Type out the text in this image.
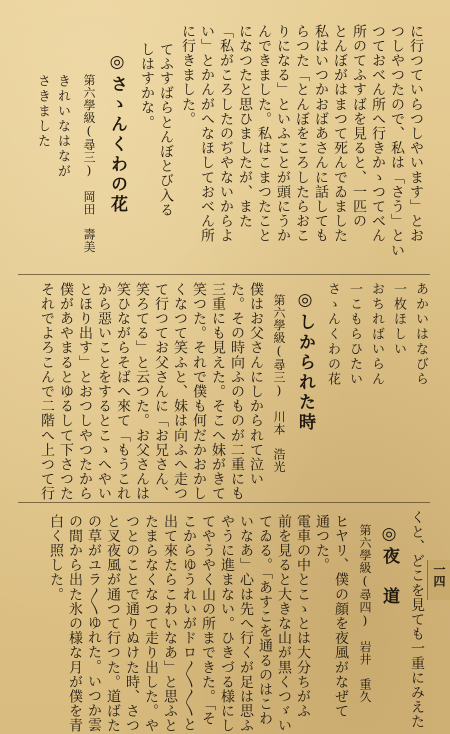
一四
に行つていらつしやいます」とお
つしやつたので、私は「さう」とい
つておべん所へ行きかゝつてべん
所のてふすばを見ると、一匹の
とんぼがはまつて死んでゐました
私はいつかおばあさんに話しても
らつた「とんぼをころしたらおこ
りになる」といふことが頭にうか
んできました。私はこまつたこと
になつたと思ひましたが、また
「私がころしたのぢやないからよ
い」とかんがへなほしておべん所
に行きました。
てふすばらとんぼとび入る
しはすかな。
◎さゝんくわの花
第六學級(尋三)　岡田　壽美
きれいなはなが
さきました
あかいはなびら
一枚ほしい
おちればいらん
一こもらひたい
さゝんくわの花
◎しかられた時
第六學級(尋三)　川本　浩光
僕はお父さんにしかられて泣い
た。その時向ふのものが二重にも
三重にも見えた。そこへ妹がきて
笑つた。それで僕も何だかおかし
くなつて笑ふと、妹は向ふへ走つ
て行つてお父さんに「お兄さん、
笑ろてる」と云つた。お父さんは
笑ひながらそばへ來て「もうこれ
から惡いことをするとこゝへやい
とほり出す」とおつしやつたから
僕があやまるとゆるして下さつた
それでよろこんで二階へ上つて行
くと、どこを見ても一重にみえた
◎夜　道
第六學級(尋四)　岩井　重久
ヒヤリ、僕の顔を夜風がなぜて
通つた。
電車の中とこゝとは大分ちがふ
前を見ると大きな山が黒くつゞい
てゐる。「あすこを通るのはこわ
いなあ」心は先へ行くが足は思ふ
やうに進まない。ひきづる様にし
てやうやく山の所まできた。「そ
こからゆうれいがドロ〳〵〳〵と
出て來たらこわいなあ」と思ふと
たまらなくなつて走り出した。や
つとのことで通りぬけた時、さつ
と叉夜風が通つて行つた。道ばた
の草がユラ〳〵ゆれた。いつか雲
の間から出た氷の様な月が僕を青
白く照した。
